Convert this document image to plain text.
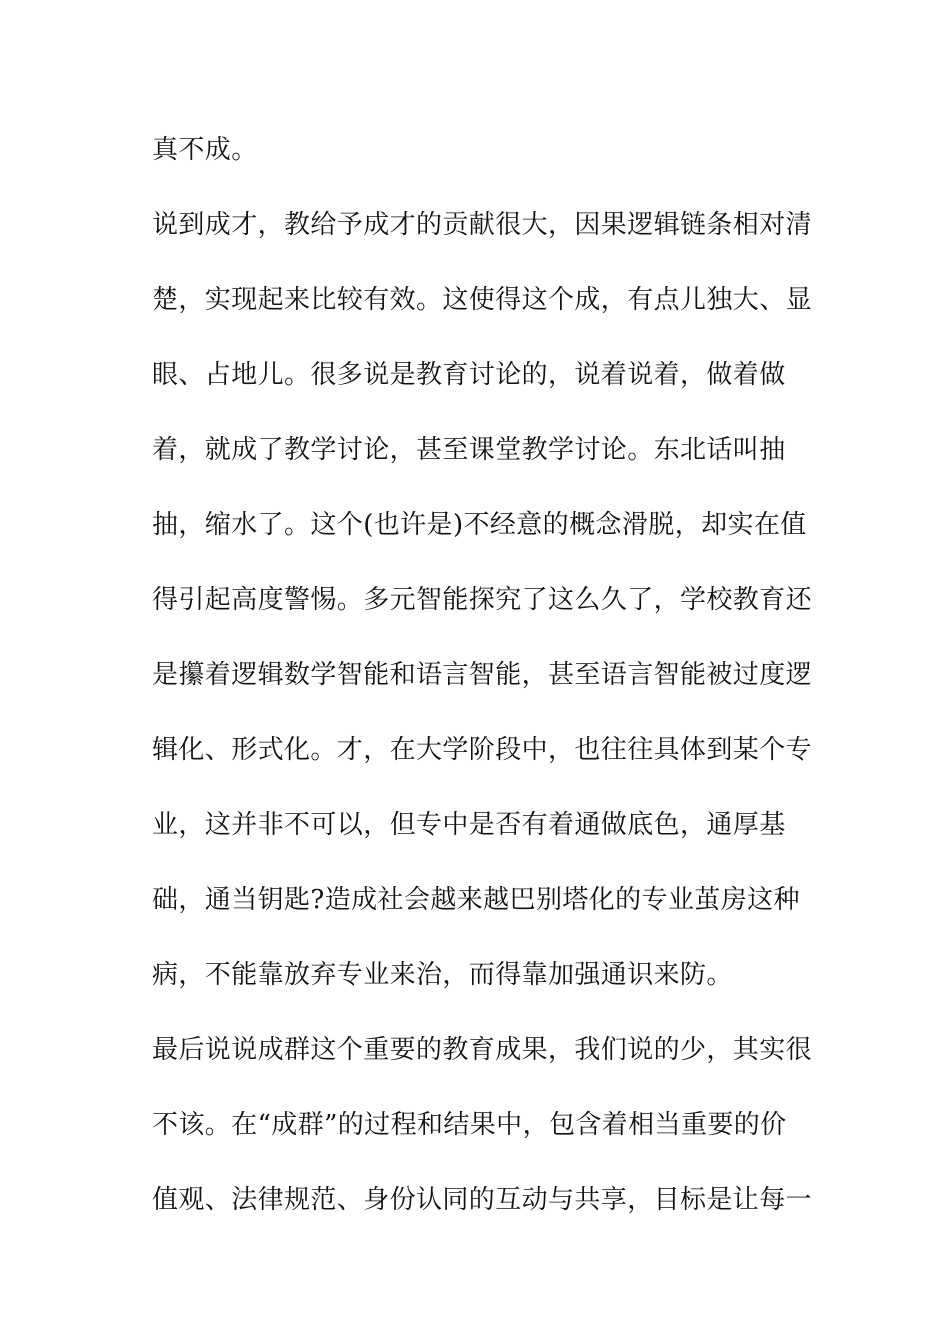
真不成。
说到成才，教给予成才的贡献很大，因果逻辑链条相对清
楚，实现起来比较有效。这使得这个成，有点儿独大、显
眼、占地儿。很多说是教育讨论的，说着说着，做着做
着，就成了教学讨论，甚至课堂教学讨论。东北话叫抽
抽，缩水了。这个(也许是)不经意的概念滑脱，却实在值
得引起高度警惕。多元智能探究了这么久了，学校教育还
是攥着逻辑数学智能和语言智能，甚至语言智能被过度逻
辑化、形式化。才，在大学阶段中，也往往具体到某个专
业，这并非不可以，但专中是否有着通做底色，通厚基
础，通当钥匙?造成社会越来越巴别塔化的专业茧房这种
病，不能靠放弃专业来治，而得靠加强通识来防。
最后说说成群这个重要的教育成果，我们说的少，其实很
不该。在“成群”的过程和结果中，包含着相当重要的价
值观、法律规范、身份认同的互动与共享，目标是让每一
